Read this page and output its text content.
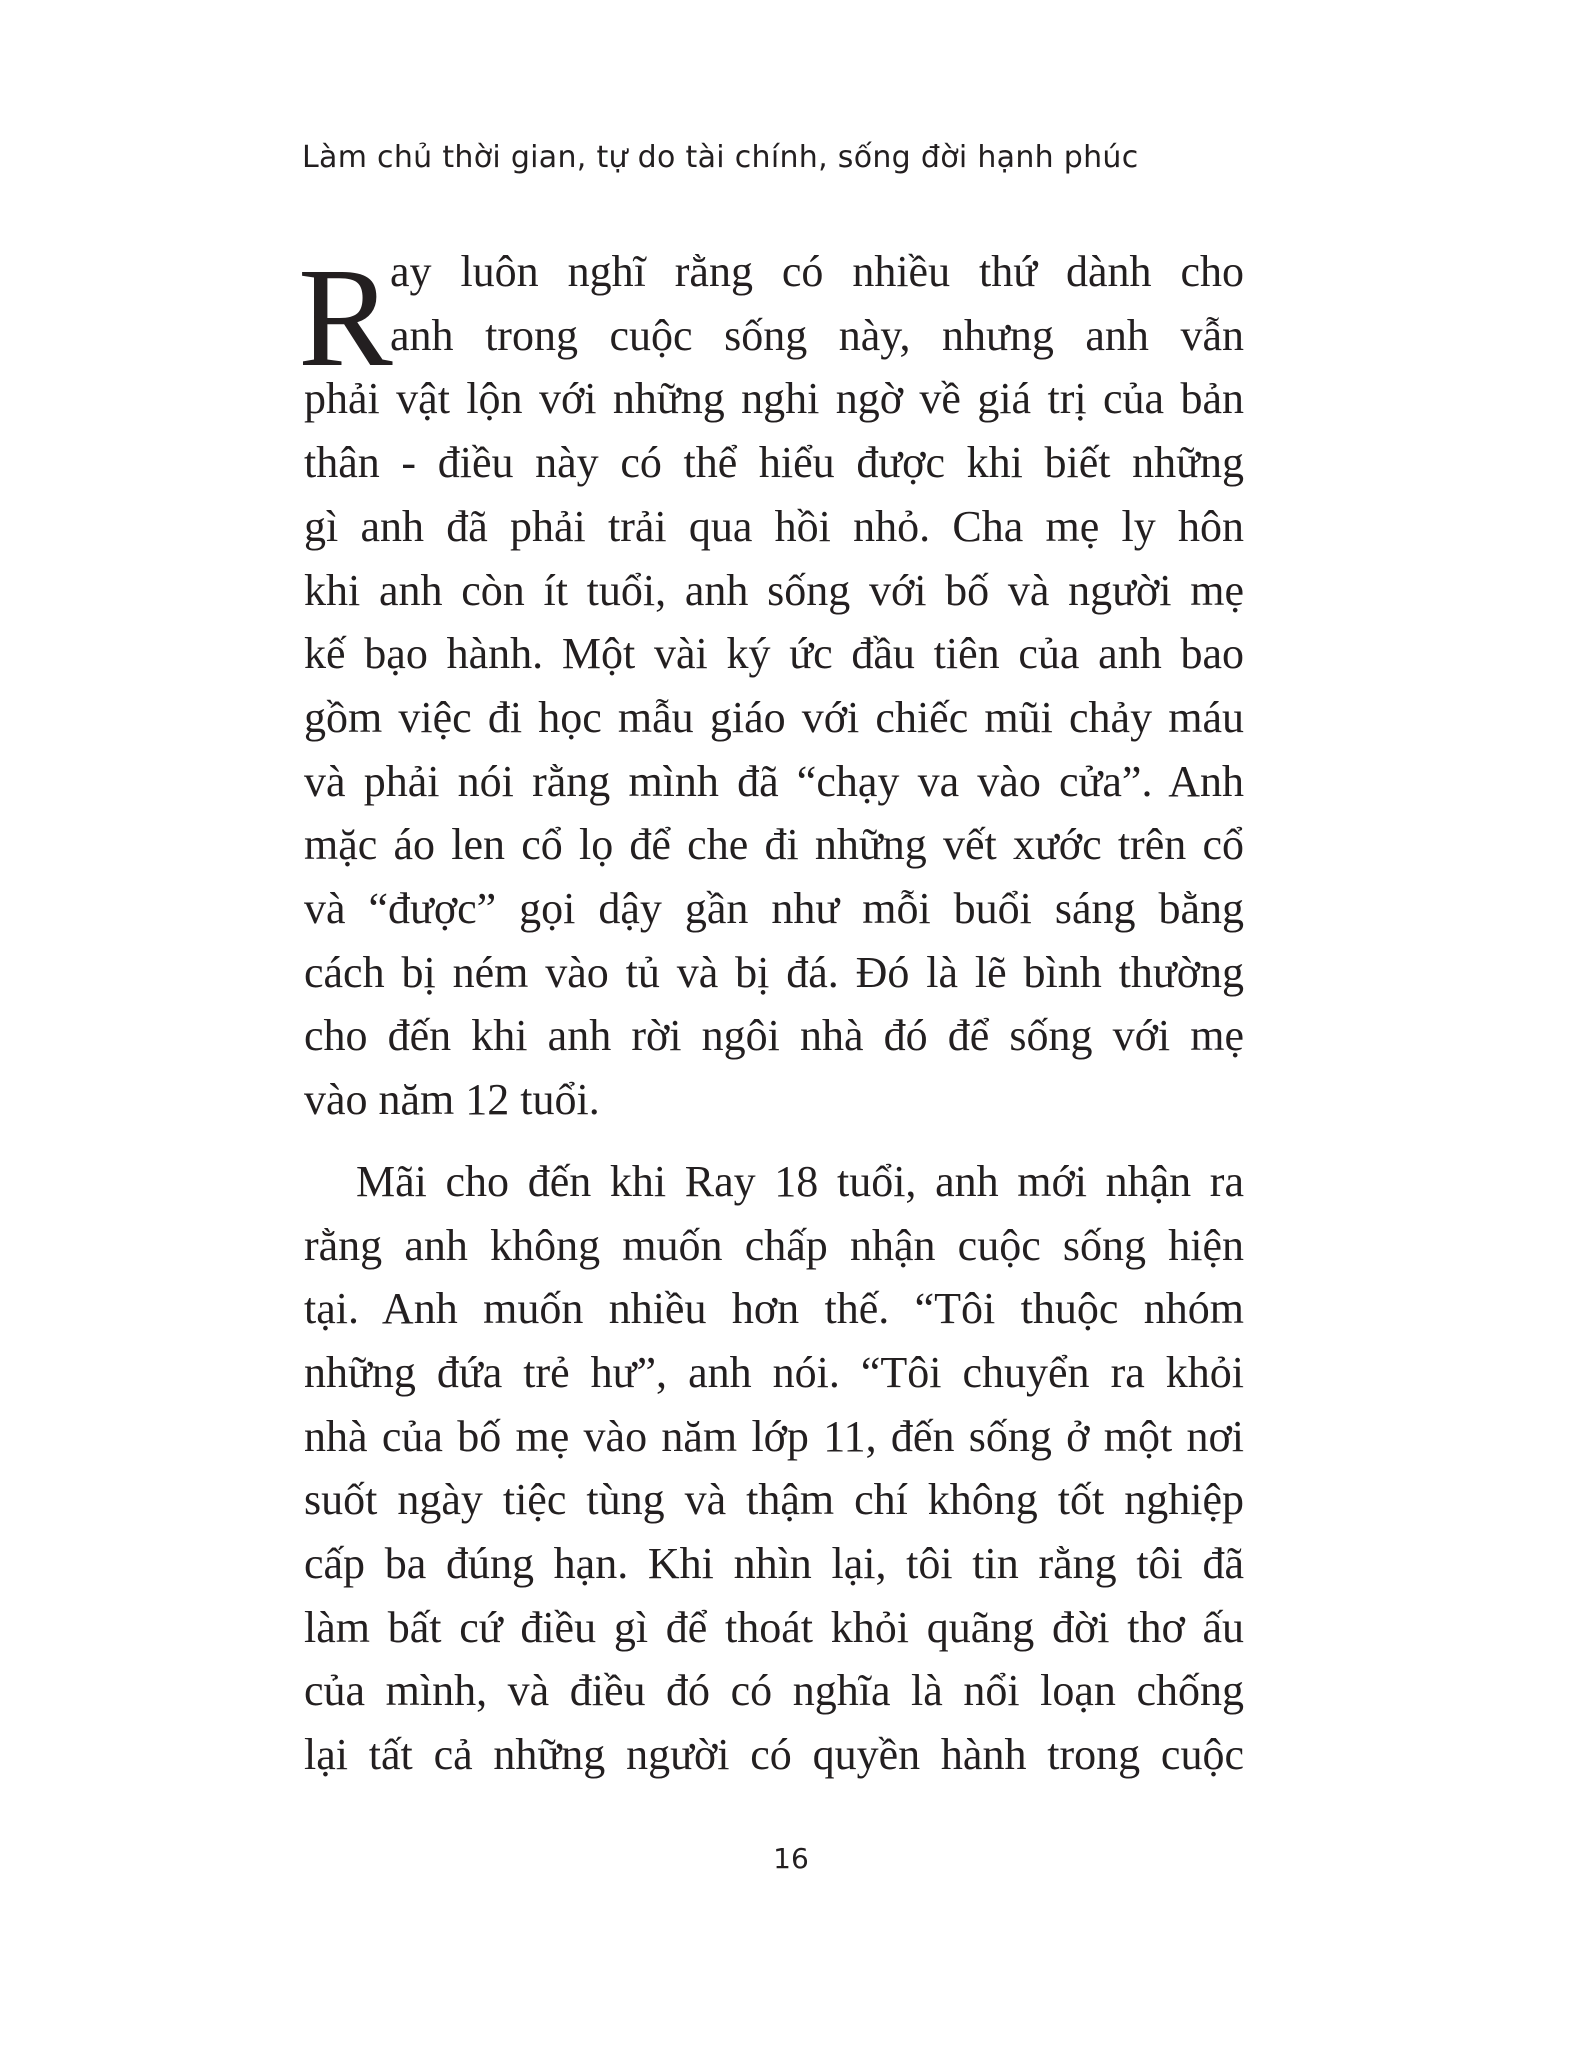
Làm chủ thời gian, tự do tài chính, sống đời hạnh phúc

R
ay luôn nghĩ rằng có nhiều thứ dành cho
anh trong cuộc sống này, nhưng anh vẫn
phải vật lộn với những nghi ngờ về giá trị của bản
thân - điều này có thể hiểu được khi biết những
gì anh đã phải trải qua hồi nhỏ. Cha mẹ ly hôn
khi anh còn ít tuổi, anh sống với bố và người mẹ
kế bạo hành. Một vài ký ức đầu tiên của anh bao
gồm việc đi học mẫu giáo với chiếc mũi chảy máu
và phải nói rằng mình đã “chạy va vào cửa”. Anh
mặc áo len cổ lọ để che đi những vết xước trên cổ
và “được” gọi dậy gần như mỗi buổi sáng bằng
cách bị ném vào tủ và bị đá. Đó là lẽ bình thường
cho đến khi anh rời ngôi nhà đó để sống với mẹ
vào năm 12 tuổi.

Mãi cho đến khi Ray 18 tuổi, anh mới nhận ra
rằng anh không muốn chấp nhận cuộc sống hiện
tại. Anh muốn nhiều hơn thế. “Tôi thuộc nhóm
những đứa trẻ hư”, anh nói. “Tôi chuyển ra khỏi
nhà của bố mẹ vào năm lớp 11, đến sống ở một nơi
suốt ngày tiệc tùng và thậm chí không tốt nghiệp
cấp ba đúng hạn. Khi nhìn lại, tôi tin rằng tôi đã
làm bất cứ điều gì để thoát khỏi quãng đời thơ ấu
của mình, và điều đó có nghĩa là nổi loạn chống
lại tất cả những người có quyền hành trong cuộc

16
